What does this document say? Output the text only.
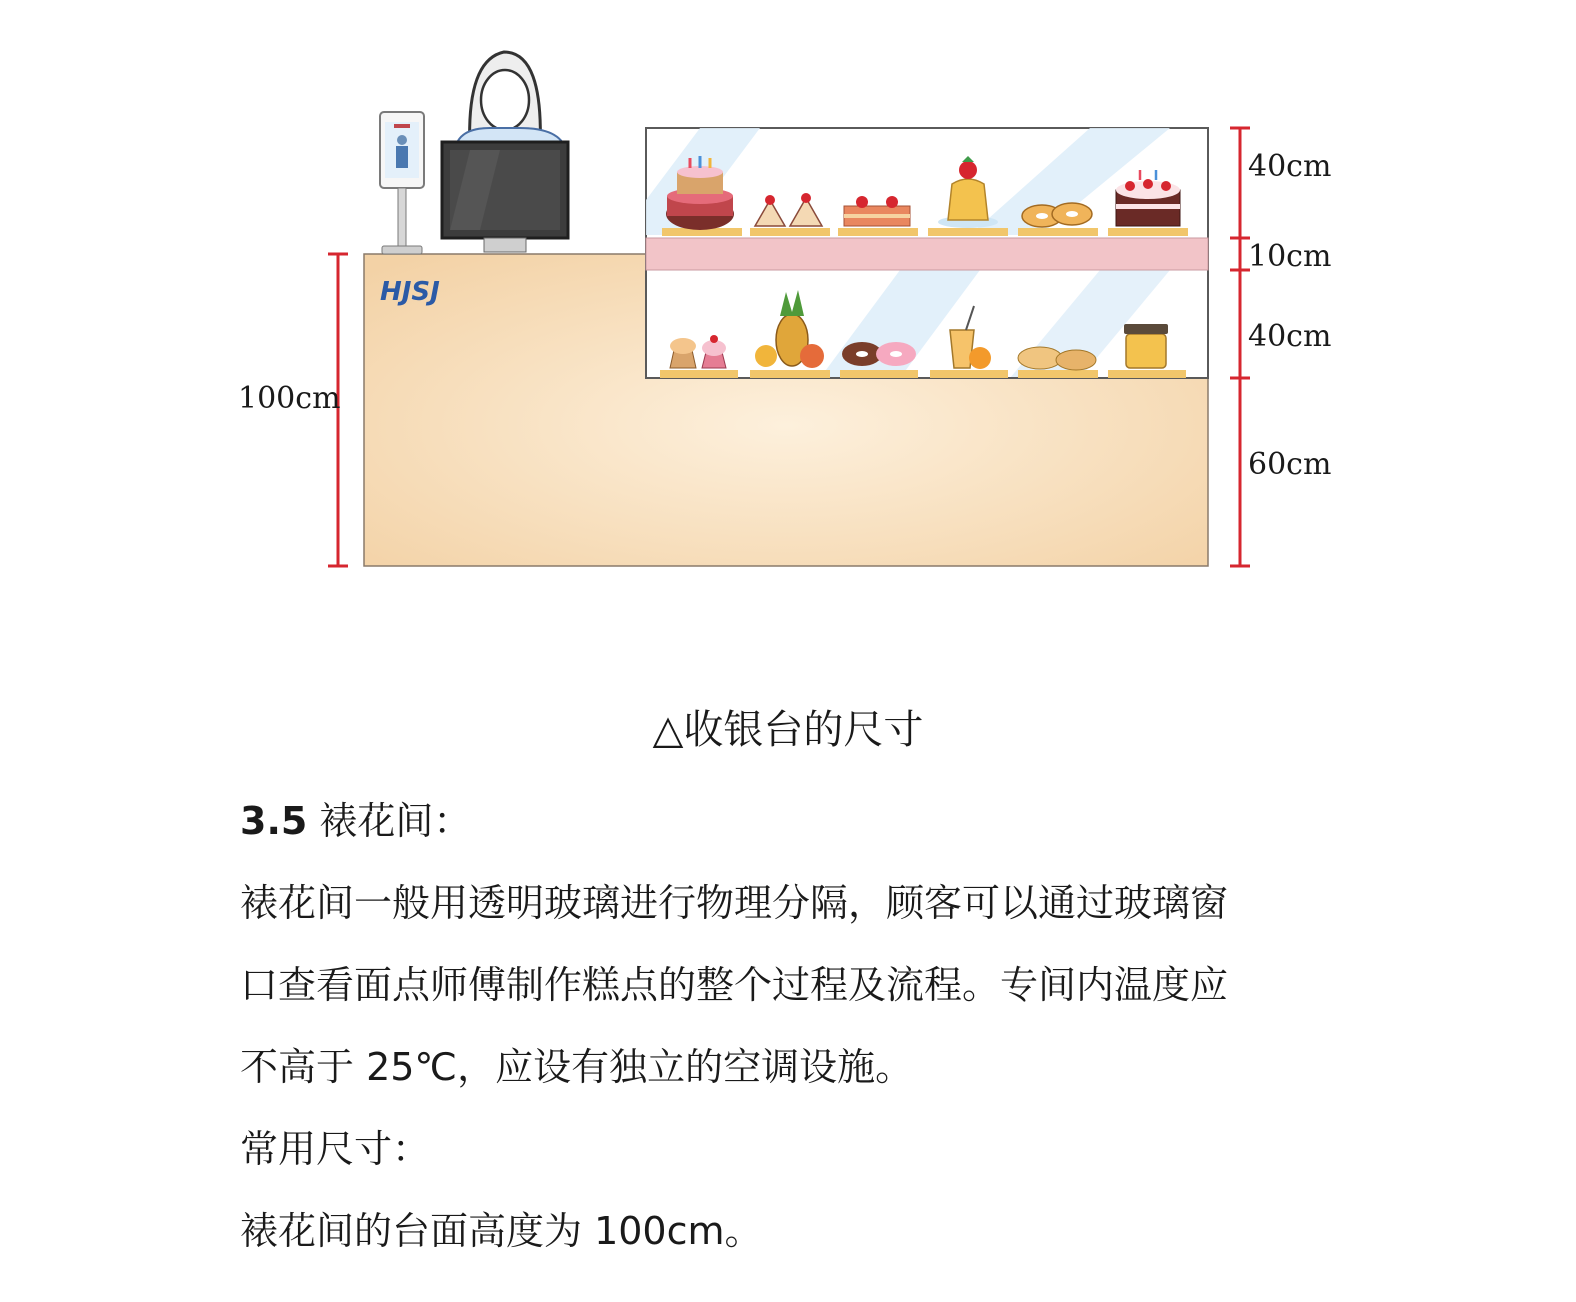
HJSJ
100cm
40cm
10cm
40cm
60cm
△收银台的尺寸
3.5 裱花间：
裱花间一般用透明玻璃进行物理分隔，顾客可以通过玻璃窗
口查看面点师傅制作糕点的整个过程及流程。专间内温度应
不高于 25℃，应设有独立的空调设施。
常用尺寸：
裱花间的台面高度为 100cm。
